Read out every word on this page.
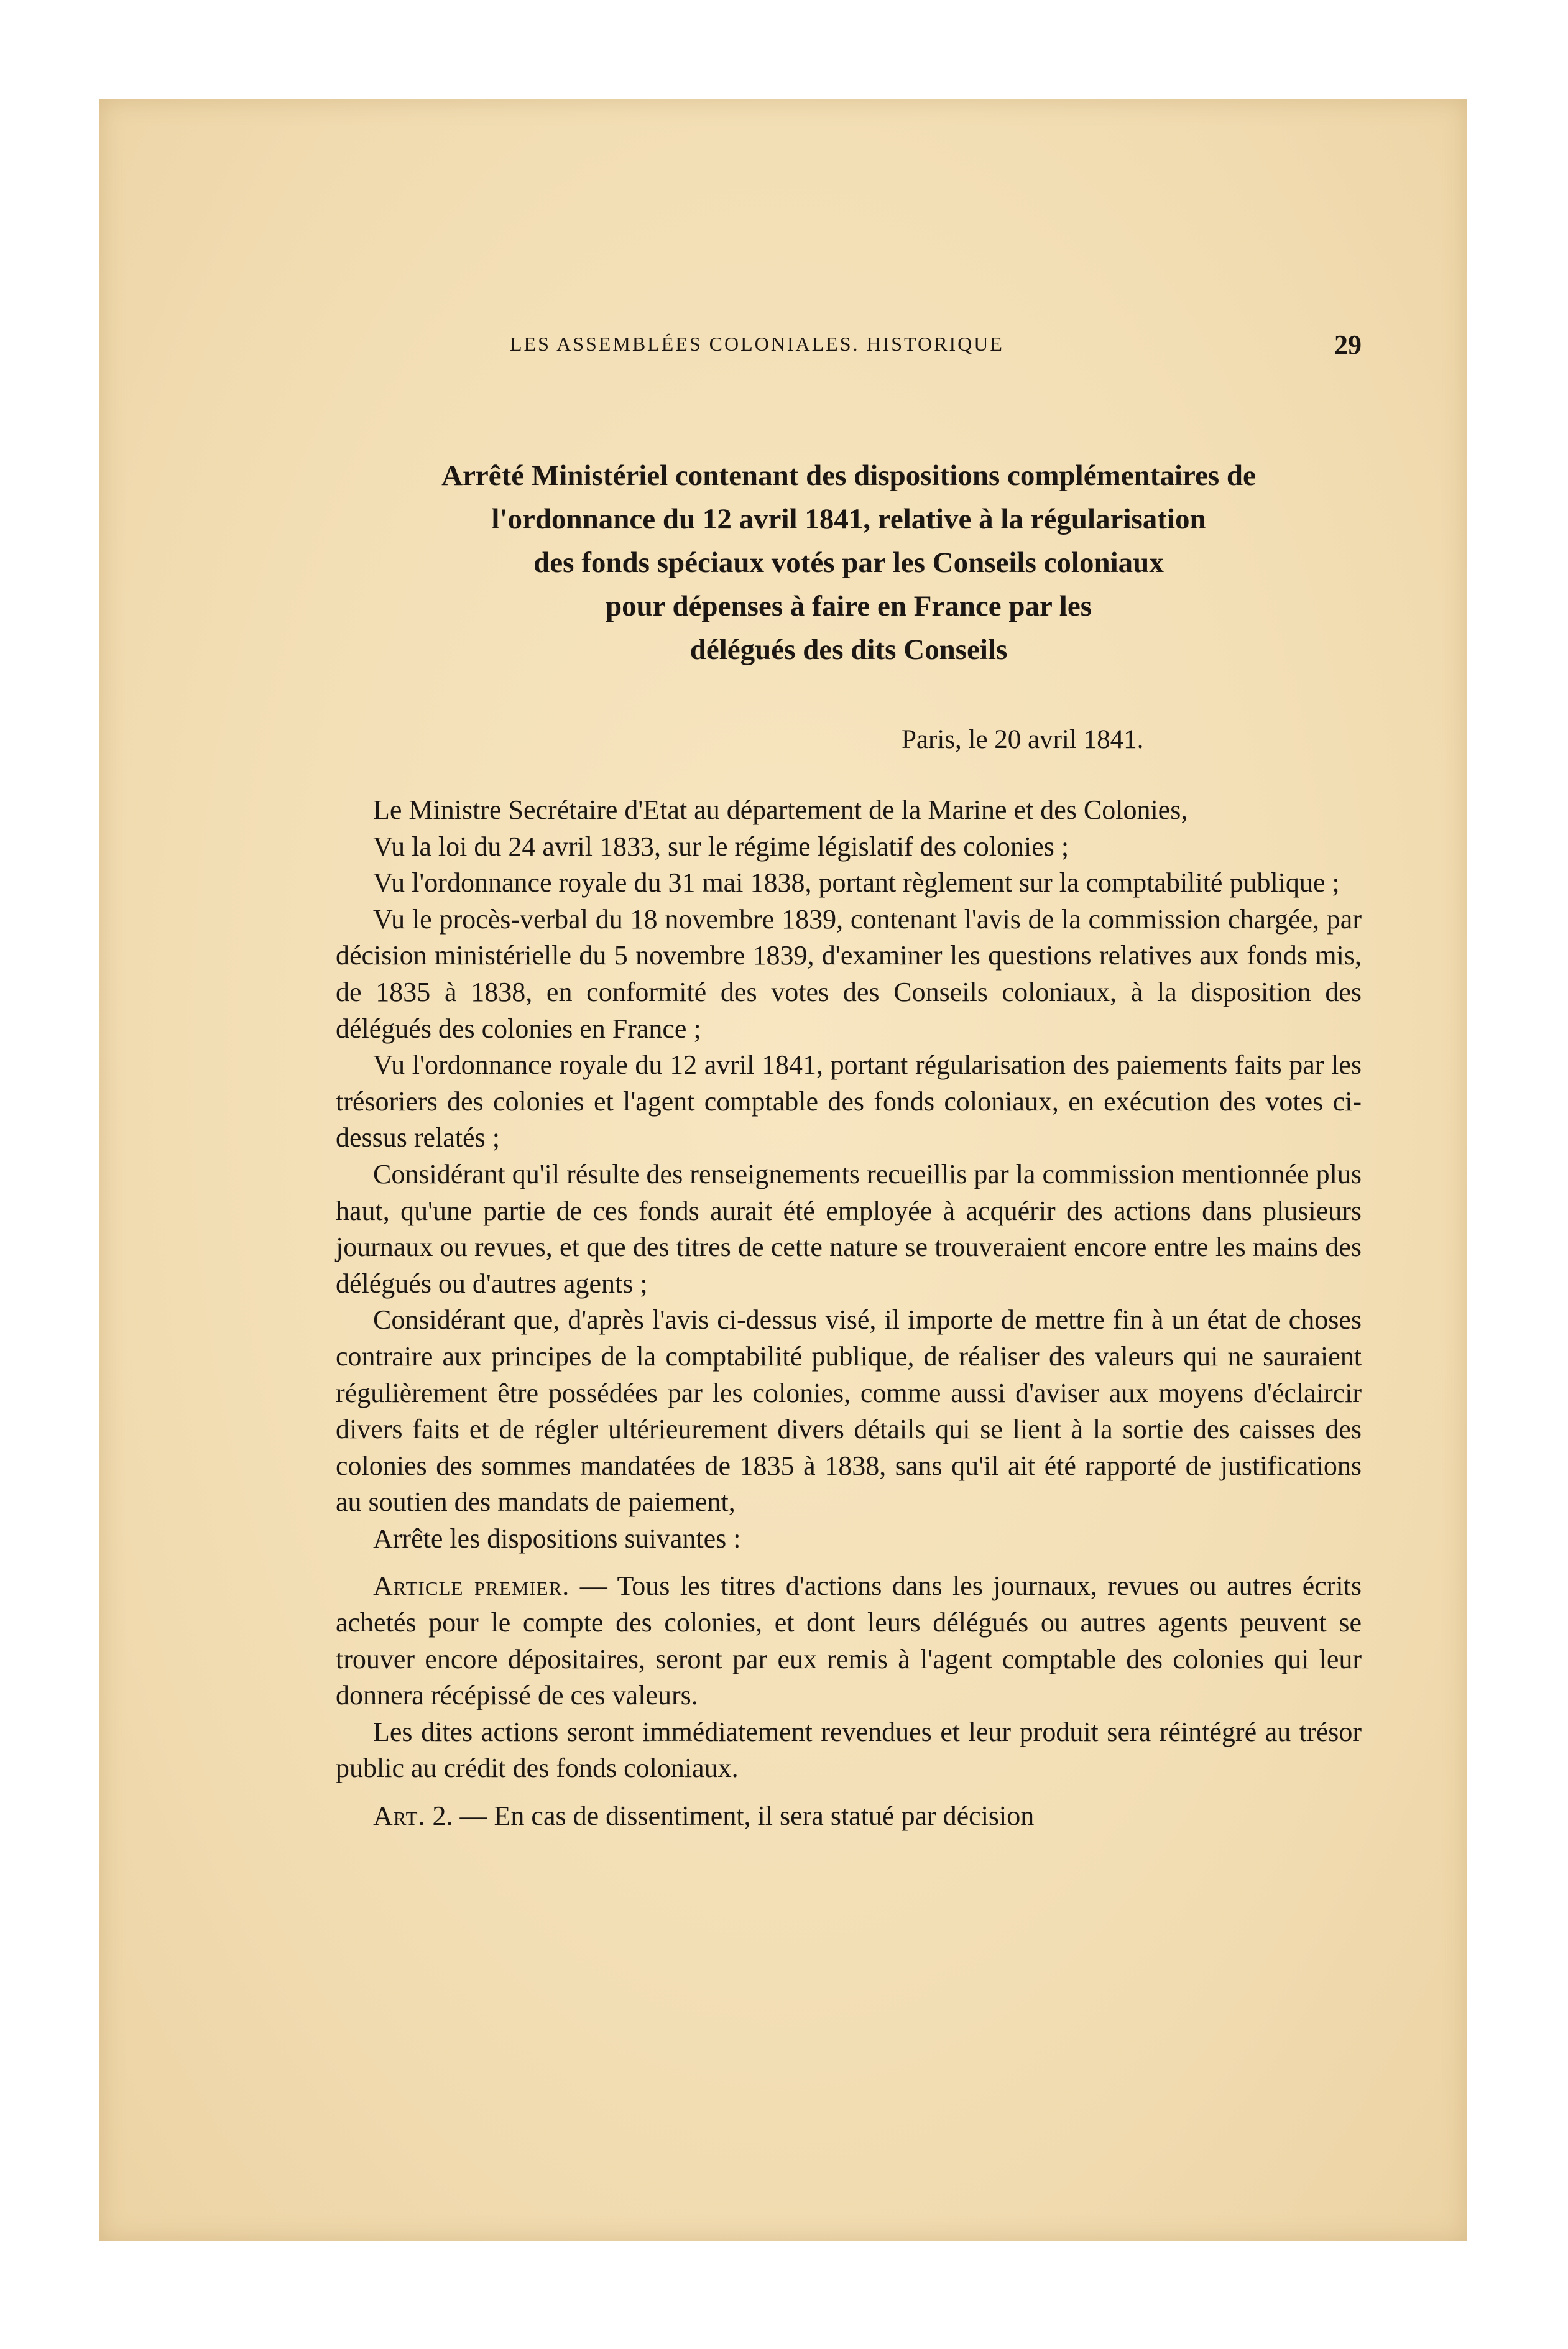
LES ASSEMBLÉES COLONIALES. HISTORIQUE	29
Arrêté Ministériel contenant des dispositions complémentaires de
l'ordonnance du 12 avril 1841, relative à la régularisation
des fonds spéciaux votés par les Conseils coloniaux
pour dépenses à faire en France par les
délégués des dits Conseils
Paris, le 20 avril 1841.

Le Ministre Secrétaire d'Etat au département de la Marine et des Colonies,

Vu la loi du 24 avril 1833, sur le régime législatif des colonies ;

Vu l'ordonnance royale du 31 mai 1838, portant règlement sur la comptabilité publique ;

Vu le procès-verbal du 18 novembre 1839, contenant l'avis de la commission chargée, par décision ministérielle du 5 novembre 1839, d'examiner les questions relatives aux fonds mis, de 1835 à 1838, en conformité des votes des Conseils coloniaux, à la disposition des délégués des colonies en France ;

Vu l'ordonnance royale du 12 avril 1841, portant régularisation des paiements faits par les trésoriers des colonies et l'agent comptable des fonds coloniaux, en exécution des votes ci-dessus relatés ;

Considérant qu'il résulte des renseignements recueillis par la commission mentionnée plus haut, qu'une partie de ces fonds aurait été employée à acquérir des actions dans plusieurs journaux ou revues, et que des titres de cette nature se trouveraient encore entre les mains des délégués ou d'autres agents ;

Considérant que, d'après l'avis ci-dessus visé, il importe de mettre fin à un état de choses contraire aux principes de la comptabilité publique, de réaliser des valeurs qui ne sauraient régulièrement être possédées par les colonies, comme aussi d'aviser aux moyens d'éclaircir divers faits et de régler ultérieurement divers détails qui se lient à la sortie des caisses des colonies des sommes mandatées de 1835 à 1838, sans qu'il ait été rapporté de justifications au soutien des mandats de paiement,

Arrête les dispositions suivantes :

Article premier. — Tous les titres d'actions dans les journaux, revues ou autres écrits achetés pour le compte des colonies, et dont leurs délégués ou autres agents peuvent se trouver encore dépositaires, seront par eux remis à l'agent comptable des colonies qui leur donnera récépissé de ces valeurs.

Les dites actions seront immédiatement revendues et leur produit sera réintégré au trésor public au crédit des fonds coloniaux.

Art. 2. — En cas de dissentiment, il sera statué par décision
